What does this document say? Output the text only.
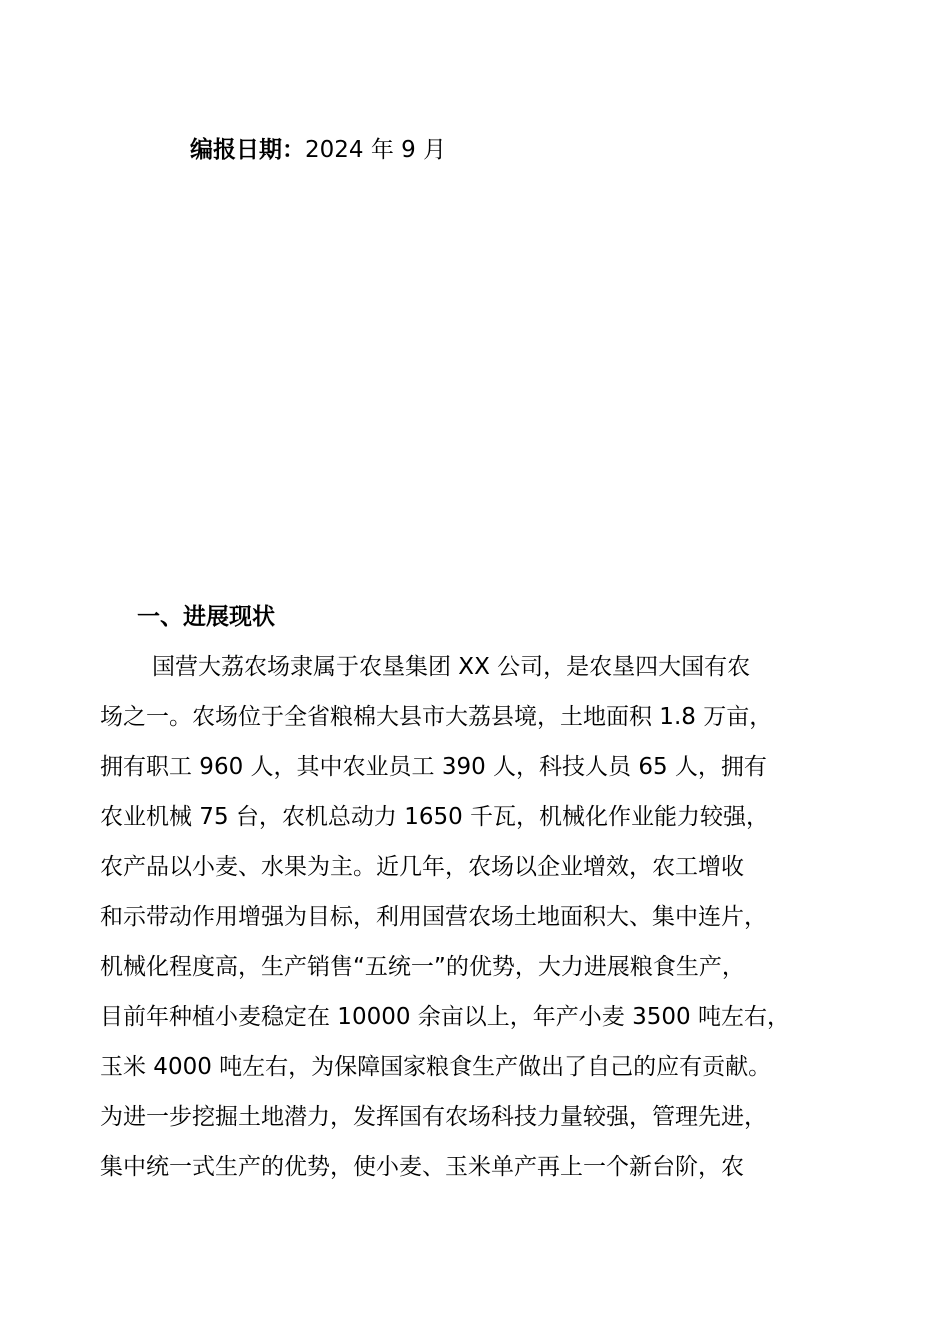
编报日期：2024 年 9 月
一、进展现状
国营大荔农场隶属于农垦集团 XX 公司，是农垦四大国有农
场之一。农场位于全省粮棉大县市大荔县境，土地面积 1.8 万亩，
拥有职工 960 人，其中农业员工 390 人，科技人员 65 人，拥有
农业机械 75 台，农机总动力 1650 千瓦，机械化作业能力较强，
农产品以小麦、水果为主。近几年，农场以企业增效，农工增收
和示带动作用增强为目标，利用国营农场土地面积大、集中连片，
机械化程度高，生产销售“五统一”的优势，大力进展粮食生产，
目前年种植小麦稳定在 10000 余亩以上，年产小麦 3500 吨左右，
玉米 4000 吨左右，为保障国家粮食生产做出了自己的应有贡献。
为进一步挖掘土地潜力，发挥国有农场科技力量较强，管理先进，
集中统一式生产的优势，使小麦、玉米单产再上一个新台阶，农
